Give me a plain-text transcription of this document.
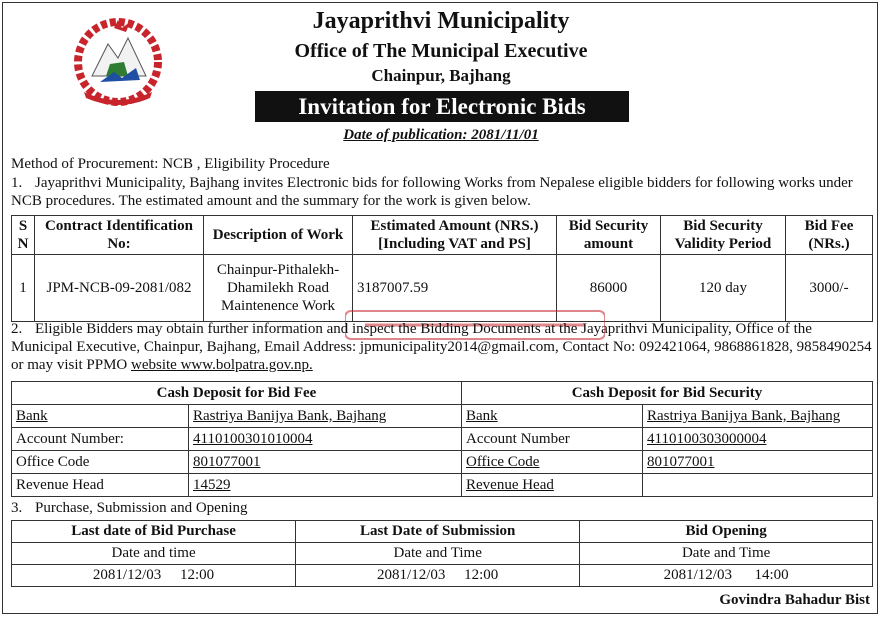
Jayaprithvi Municipality
Office of The Municipal Executive
Chainpur, Bajhang
Invitation for Electronic Bids
Date of publication: 2081/11/01
Method of Procurement: NCB , Eligibility Procedure
1. Jayaprithvi Municipality, Bajhang invites Electronic bids for following Works from Nepalese eligible bidders for following works under NCB procedures. The estimated amount and the summary for the work is given below.
S N	Contract Identification No:	Description of Work	Estimated Amount (NRS.) [Including VAT and PS]	Bid Security amount	Bid Security Validity Period	Bid Fee (NRs.)
1	JPM-NCB-09-2081/082	Chainpur-Pithalekh-Dhamilekh Road Maintenence Work	3187007.59	86000	120 day	3000/-
2. Eligible Bidders may obtain further information and inspect the Bidding Documents at the Jayaprithvi Municipality, Office of the Municipal Executive, Chainpur, Bajhang, Email Address: jpmunicipality2014@gmail.com, Contact No: 092421064, 9868861828, 9858490254 or may visit PPMO website www.bolpatra.gov.np.
Cash Deposit for Bid Fee		Cash Deposit for Bid Security	
Bank	Rastriya Banijya Bank, Bajhang	Bank	Rastriya Banijya Bank, Bajhang
Account Number:	4110100301010004	Account Number	4110100303000004
Office Code	801077001	Office Code	801077001
Revenue Head	14529	Revenue Head	
3. Purchase, Submission and Opening
Last date of Bid Purchase	Last Date of Submission	Bid Opening
Date and time	Date and Time	Date and Time
2081/12/03     12:00	2081/12/03     12:00	2081/12/03      14:00
Govindra Bahadur Bist
